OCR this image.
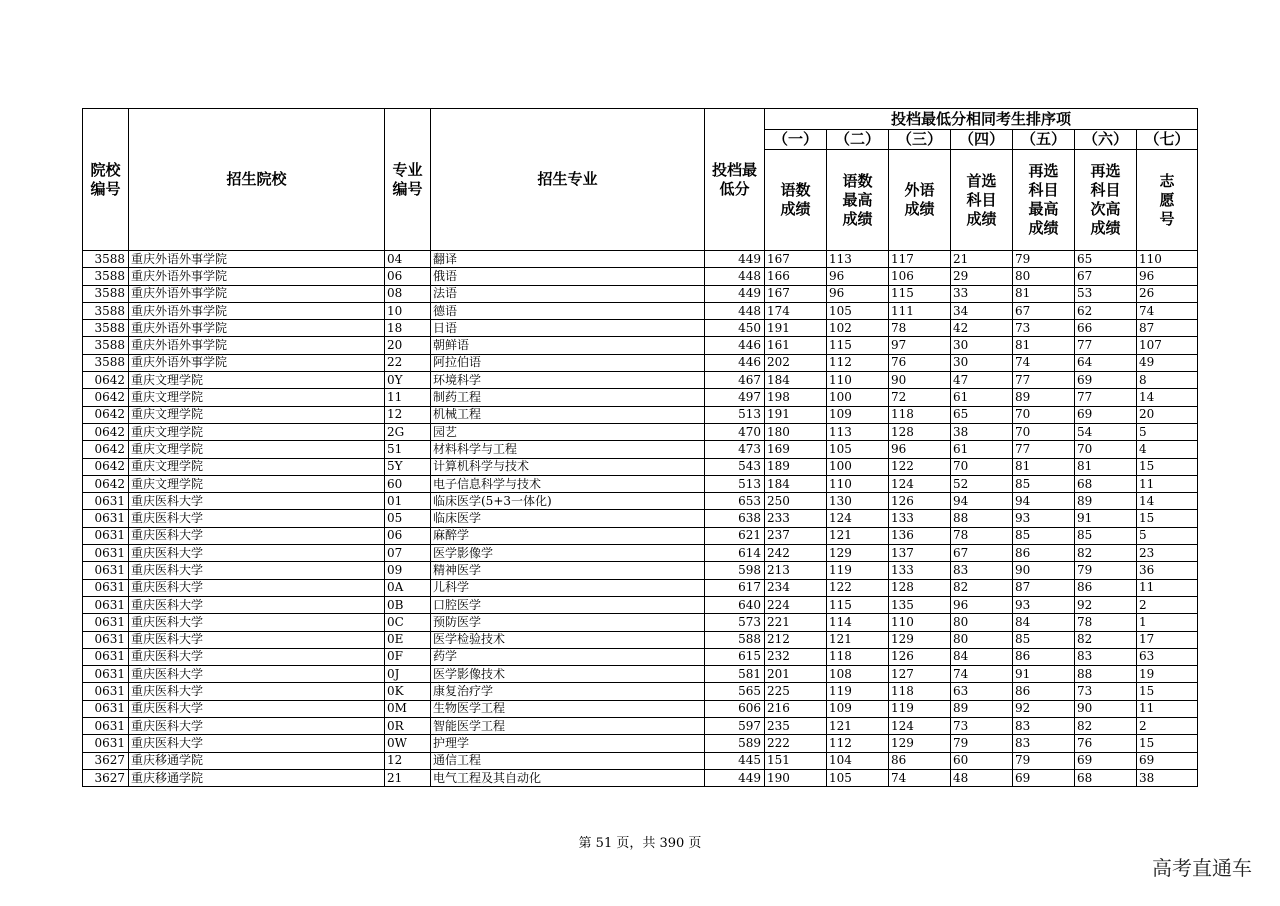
院校编号	招生院校	专业编号	招生专业	投档最低分	投档最低分相同考生排序项						
					（一）	（二）	（三）	（四）	（五）	（六）	（七）
					语数成绩	语数最高成绩	外语成绩	首选科目成绩	再选科目最高成绩	再选科目次高成绩	志愿号
3588	重庆外语外事学院	04	翻译	449	167	113	117	21	79	65	110
3588	重庆外语外事学院	06	俄语	448	166	96	106	29	80	67	96
3588	重庆外语外事学院	08	法语	449	167	96	115	33	81	53	26
3588	重庆外语外事学院	10	德语	448	174	105	111	34	67	62	74
3588	重庆外语外事学院	18	日语	450	191	102	78	42	73	66	87
3588	重庆外语外事学院	20	朝鲜语	446	161	115	97	30	81	77	107
3588	重庆外语外事学院	22	阿拉伯语	446	202	112	76	30	74	64	49
0642	重庆文理学院	0Y	环境科学	467	184	110	90	47	77	69	8
0642	重庆文理学院	11	制药工程	497	198	100	72	61	89	77	14
0642	重庆文理学院	12	机械工程	513	191	109	118	65	70	69	20
0642	重庆文理学院	2G	园艺	470	180	113	128	38	70	54	5
0642	重庆文理学院	51	材料科学与工程	473	169	105	96	61	77	70	4
0642	重庆文理学院	5Y	计算机科学与技术	543	189	100	122	70	81	81	15
0642	重庆文理学院	60	电子信息科学与技术	513	184	110	124	52	85	68	11
0631	重庆医科大学	01	临床医学(5+3一体化)	653	250	130	126	94	94	89	14
0631	重庆医科大学	05	临床医学	638	233	124	133	88	93	91	15
0631	重庆医科大学	06	麻醉学	621	237	121	136	78	85	85	5
0631	重庆医科大学	07	医学影像学	614	242	129	137	67	86	82	23
0631	重庆医科大学	09	精神医学	598	213	119	133	83	90	79	36
0631	重庆医科大学	0A	儿科学	617	234	122	128	82	87	86	11
0631	重庆医科大学	0B	口腔医学	640	224	115	135	96	93	92	2
0631	重庆医科大学	0C	预防医学	573	221	114	110	80	84	78	1
0631	重庆医科大学	0E	医学检验技术	588	212	121	129	80	85	82	17
0631	重庆医科大学	0F	药学	615	232	118	126	84	86	83	63
0631	重庆医科大学	0J	医学影像技术	581	201	108	127	74	91	88	19
0631	重庆医科大学	0K	康复治疗学	565	225	119	118	63	86	73	15
0631	重庆医科大学	0M	生物医学工程	606	216	109	119	89	92	90	11
0631	重庆医科大学	0R	智能医学工程	597	235	121	124	73	83	82	2
0631	重庆医科大学	0W	护理学	589	222	112	129	79	83	76	15
3627	重庆移通学院	12	通信工程	445	151	104	86	60	79	69	69
3627	重庆移通学院	21	电气工程及其自动化	449	190	105	74	48	69	68	38
第 51 页，共 390 页
高考直通车
